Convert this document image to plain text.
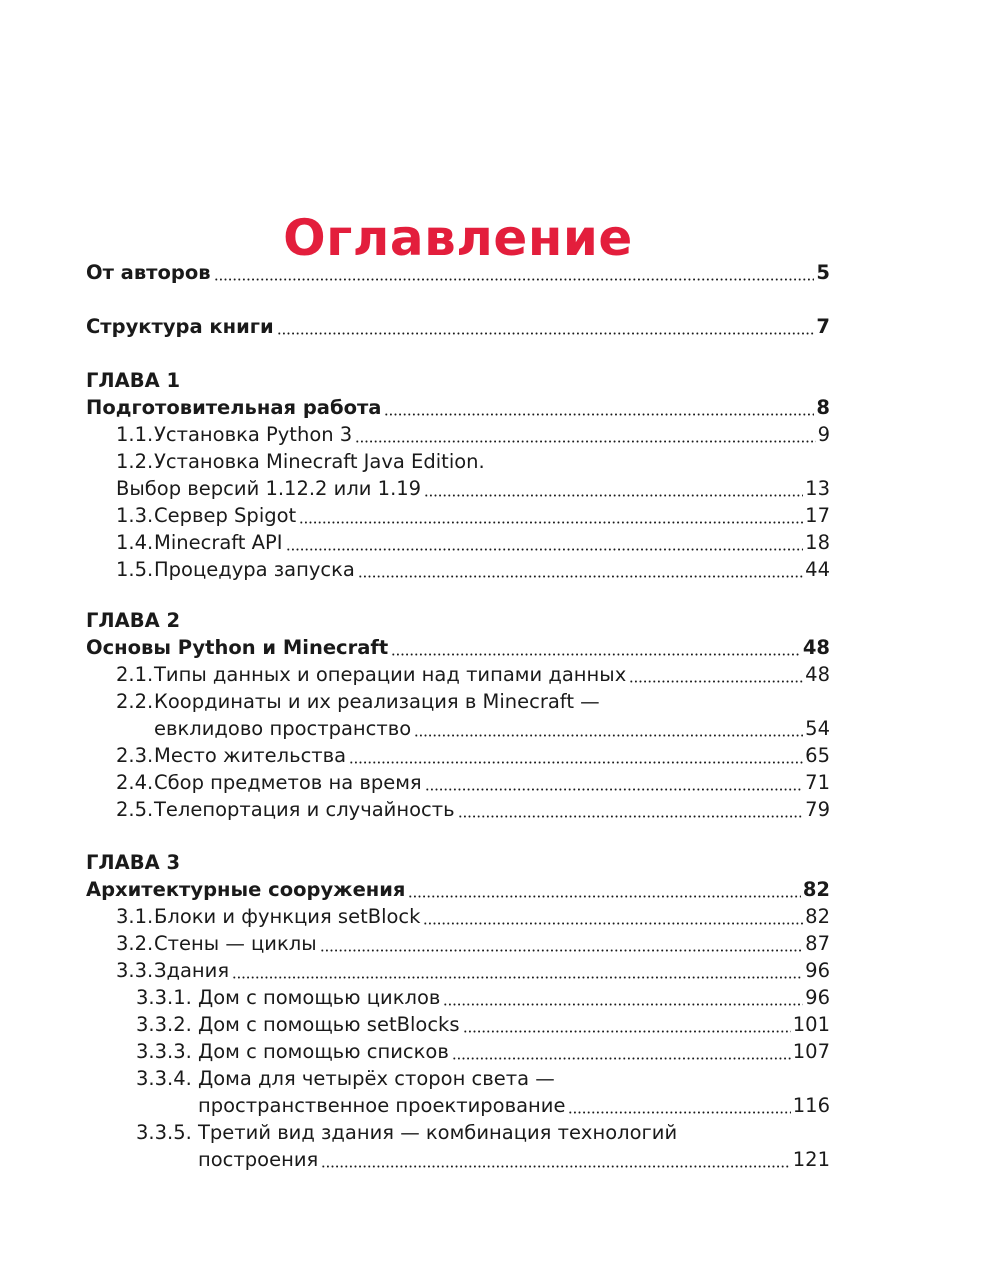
Оглавление
От авторов	5
Структура книги	7
ГЛАВА 1
Подготовительная работа	8
1.1. Установка Python 3	9
1.2. Установка Minecraft Java Edition.
Выбор версий 1.12.2 или 1.19	13
1.3. Сервер Spigot	17
1.4. Minecraft API	18
1.5. Процедура запуска	44
ГЛАВА 2
Основы Python и Minecraft	48
2.1. Типы данных и операции над типами данных	48
2.2. Координаты и их реализация в Minecraft —
евклидово пространство	54
2.3. Место жительства	65
2.4. Сбор предметов на время	71
2.5. Телепортация и случайность	79
ГЛАВА 3
Архитектурные сооружения	82
3.1. Блоки и функция setBlock	82
3.2. Стены — циклы	87
3.3. Здания	96
3.3.1. Дом с помощью циклов	96
3.3.2. Дом с помощью setBlocks	101
3.3.3. Дом с помощью списков	107
3.3.4. Дома для четырёх сторон света —
пространственное проектирование	116
3.3.5. Третий вид здания — комбинация технологий
построения	121
